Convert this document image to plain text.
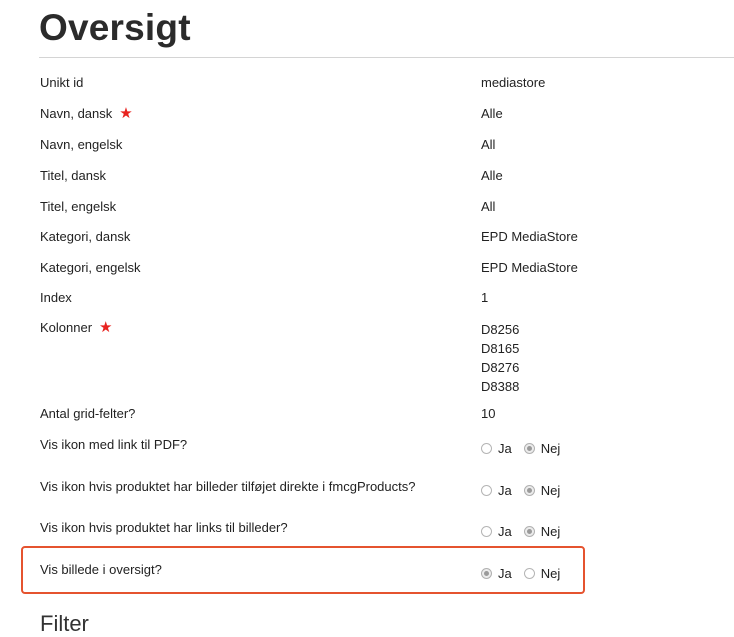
Oversigt
Unikt id	mediastore
Navn, dansk ★	Alle
Navn, engelsk	All
Titel, dansk	Alle
Titel, engelsk	All
Kategori, dansk	EPD MediaStore
Kategori, engelsk	EPD MediaStore
Index	1
Kolonner ★	D8256
D8165
D8276
D8388
Antal grid-felter?	10
Vis ikon med link til PDF?	Ja Nej
Vis ikon hvis produktet har billeder tilføjet direkte i fmcgProducts?	Ja Nej
Vis ikon hvis produktet har links til billeder?	Ja Nej
Vis billede i oversigt?	Ja Nej
Filter
